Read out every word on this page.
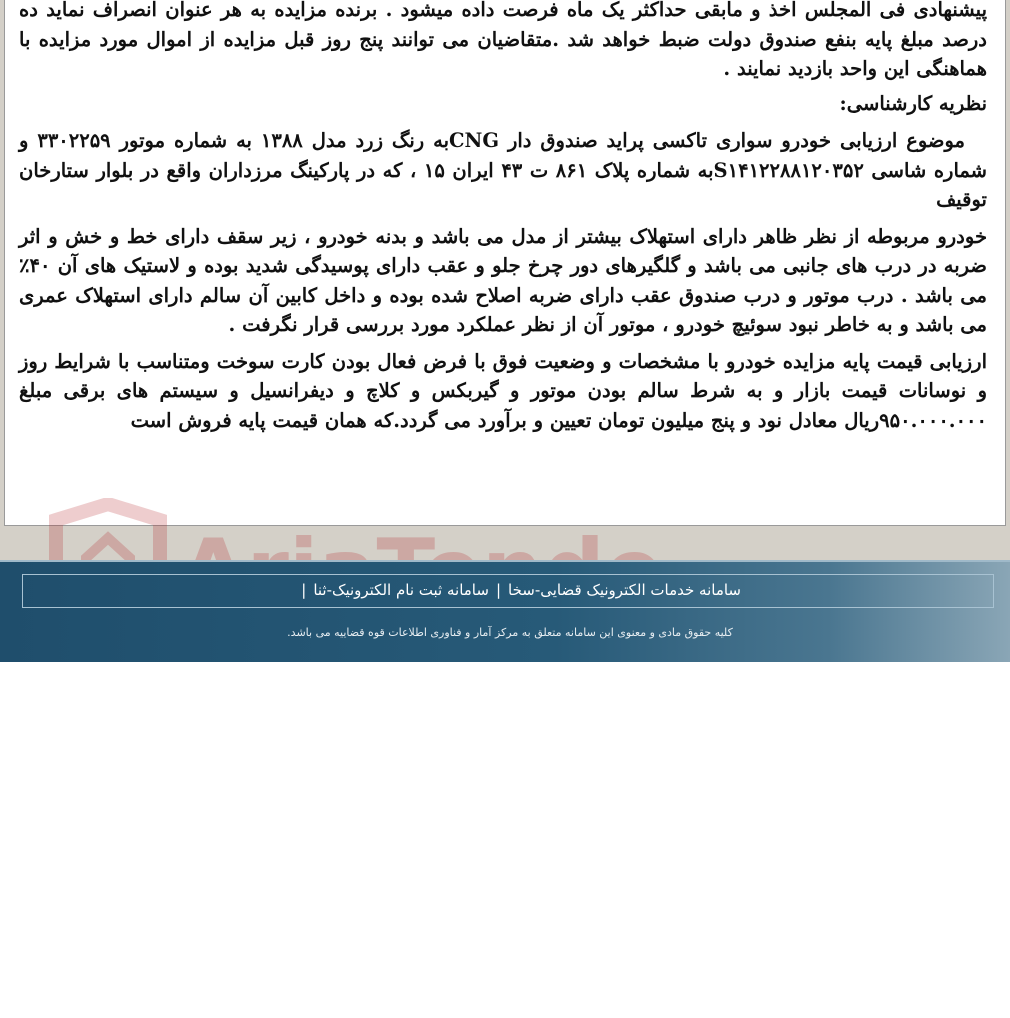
پیشنهادی فی المجلس اخذ و مابقی حداکثر یک ماه فرصت داده میشود . برنده مزایده به هر عنوان انصراف نماید ده درصد مبلغ پایه بنفع صندوق دولت ضبط خواهد شد .متقاضیان می توانند پنج روز قبل مزایده از اموال مورد مزایده با هماهنگی این واحد بازدید نمایند .

نظریه کارشناسی:

موضوع ارزیابی خودرو سواری تاکسی پراید صندوق دار CNGبه رنگ زرد مدل ۱۳۸۸ به شماره موتور ۳۳۰۲۲۵۹ و شماره شاسی S۱۴۱۲۲۸۸۱۲۰۳۵۲به شماره پلاک ۸۶۱ ت ۴۳ ایران ۱۵ ، که در پارکینگ مرزداران واقع در بلوار ستارخان توقیف

خودرو مربوطه از نظر ظاهر دارای استهلاک بیشتر از مدل می باشد و بدنه خودرو ، زیر سقف دارای خط و خش و اثر ضربه در درب های جانبی می باشد و گلگیرهای دور چرخ جلو و عقب دارای پوسیدگی شدید بوده و لاستیک های آن ۴۰٪ می باشد . درب موتور و درب صندوق عقب دارای ضربه اصلاح شده بوده و داخل کابین آن سالم دارای استهلاک عمری می باشد و به خاطر نبود سوئیچ خودرو ، موتور آن از نظر عملکرد مورد بررسی قرار نگرفت .

ارزیابی قیمت پایه مزایده خودرو با مشخصات و وضعیت فوق با فرض فعال بودن کارت سوخت ومتناسب با شرایط روز و نوسانات قیمت بازار و به شرط سالم بودن موتور و گیربکس و کلاچ و دیفرانسیل و سیستم های برقی مبلغ ۹۵۰.۰۰۰.۰۰۰ریال معادل نود و پنج میلیون تومان تعیین و برآورد می گردد.که همان قیمت پایه فروش است

سامانه خدمات الکترونیک قضایی-سخا|سامانه ثبت نام الکترونیک-ثنا|
کلیه حقوق مادی و معنوی این سامانه متعلق به مرکز آمار و فناوری اطلاعات قوه قضاییه می باشد.
